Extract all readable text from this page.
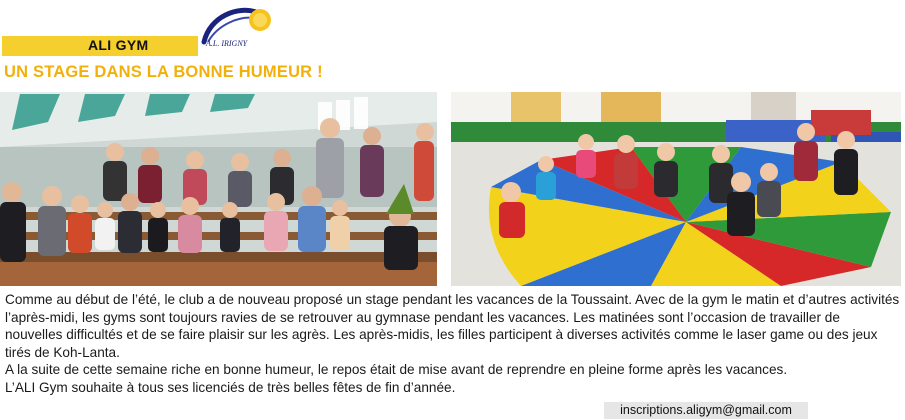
ALI GYM	A.L. IRIGNY
UN STAGE DANS LA BONNE HUMEUR !

Comme au début de l’été, le club a de nouveau proposé un stage pendant les vacances de la Toussaint. Avec de la gym le matin et d’autres activités l’après-midi, les gyms sont toujours ravies de se retrouver au gymnase pendant les vacances. Les matinées sont l’occasion de travailler de nouvelles difficultés et de se faire plaisir sur les agrès. Les après-midis, les filles participent à diverses activités comme le laser game ou des jeux tirés de Koh-Lanta.

A la suite de cette semaine riche en bonne humeur, le repos était de mise avant de reprendre en pleine forme après les vacances.

L’ALI Gym souhaite à tous ses licenciés de très belles fêtes de fin d’année.

inscriptions.aligym@gmail.com
